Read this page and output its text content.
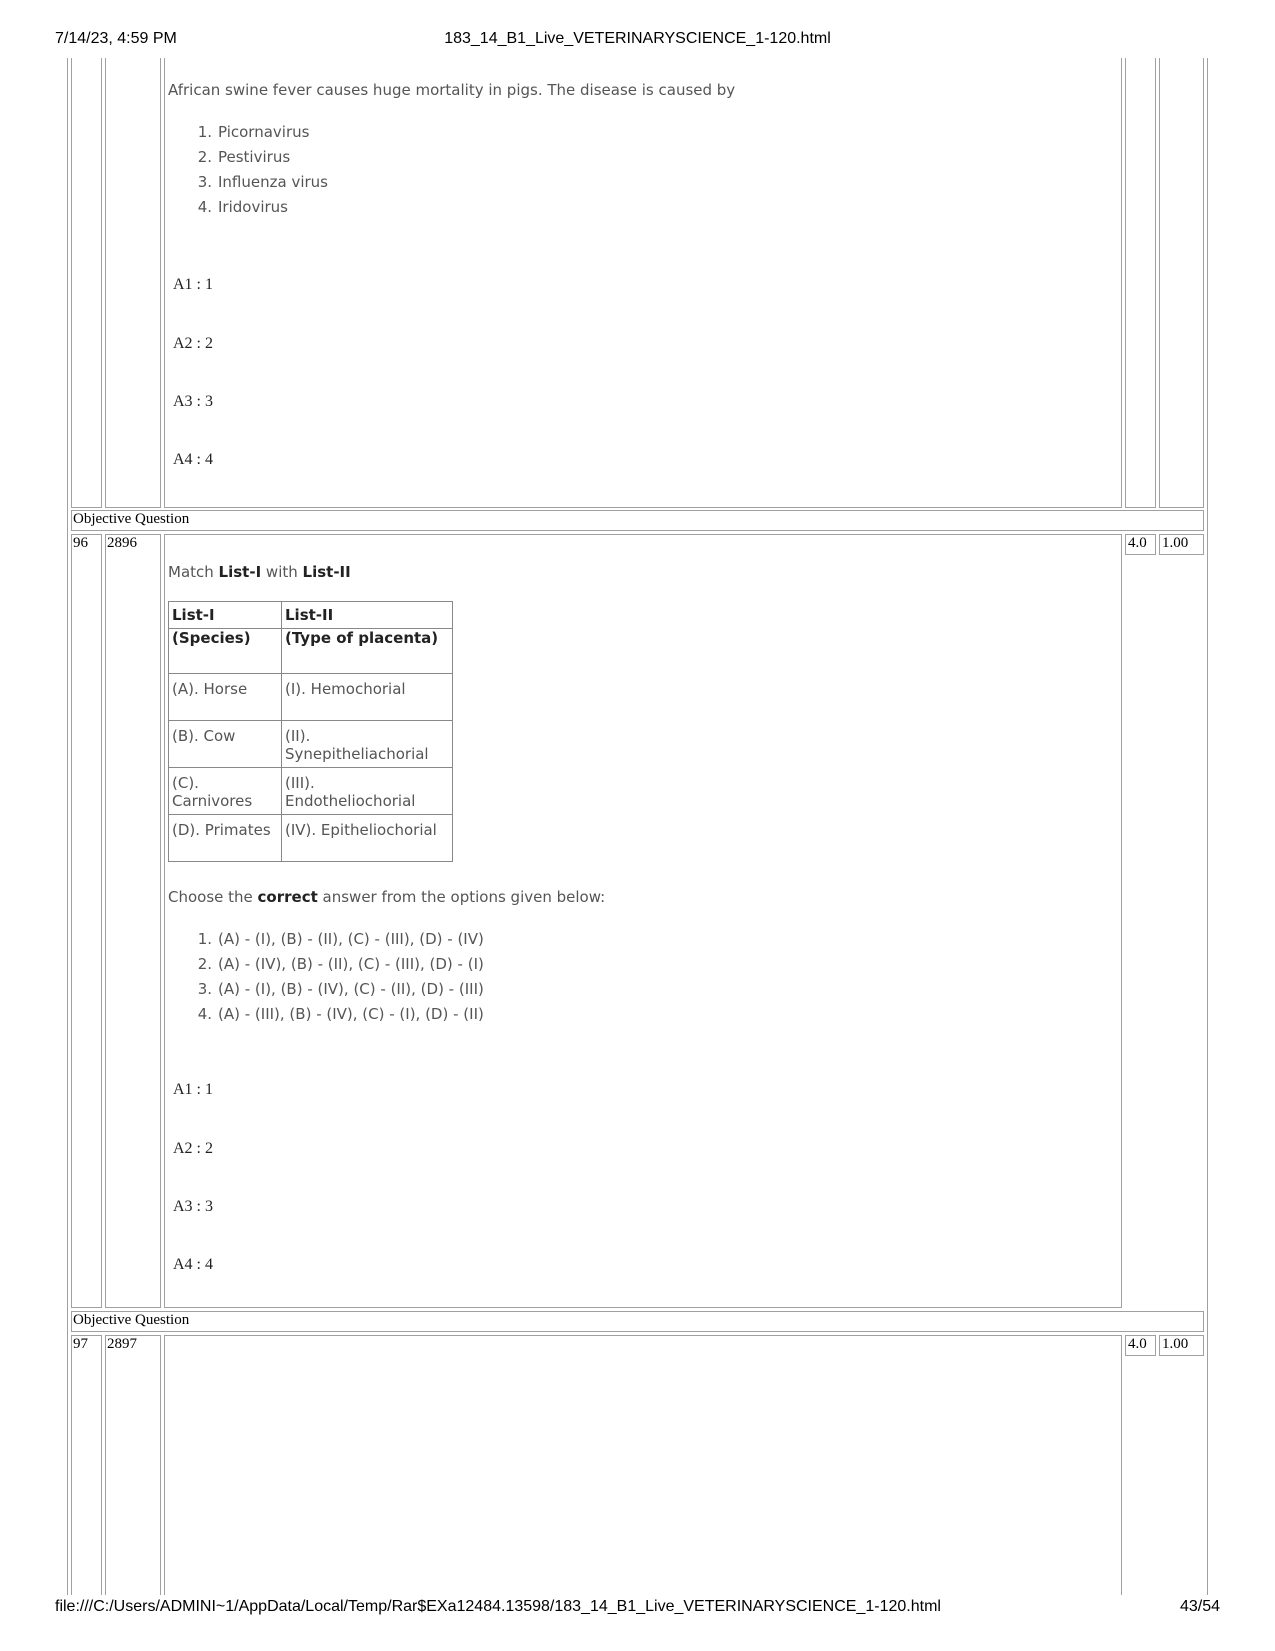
7/14/23, 4:59 PM	183_14_B1_Live_VETERINARYSCIENCE_1-120.html
African swine fever causes huge mortality in pigs. The disease is caused by
1. Picornavirus
2. Pestivirus
3. Influenza virus
4. Iridovirus
A1 : 1
A2 : 2
A3 : 3
A4 : 4
Objective Question
96 2896	4.0 1.00
Match List-I with List-II
List-I	List-II
(Species)	(Type of placenta)
(A). Horse	(I). Hemochorial
(B). Cow	(II). Synepitheliachorial
(C). Carnivores	(III). Endotheliochorial
(D). Primates	(IV). Epitheliochorial
Choose the correct answer from the options given below:
1. (A) - (I), (B) - (II), (C) - (III), (D) - (IV)
2. (A) - (IV), (B) - (II), (C) - (III), (D) - (I)
3. (A) - (I), (B) - (IV), (C) - (II), (D) - (III)
4. (A) - (III), (B) - (IV), (C) - (I), (D) - (II)
A1 : 1
A2 : 2
A3 : 3
A4 : 4
Objective Question
97 2897	4.0 1.00
file:///C:/Users/ADMINI~1/AppData/Local/Temp/Rar$EXa12484.13598/183_14_B1_Live_VETERINARYSCIENCE_1-120.html	43/54
